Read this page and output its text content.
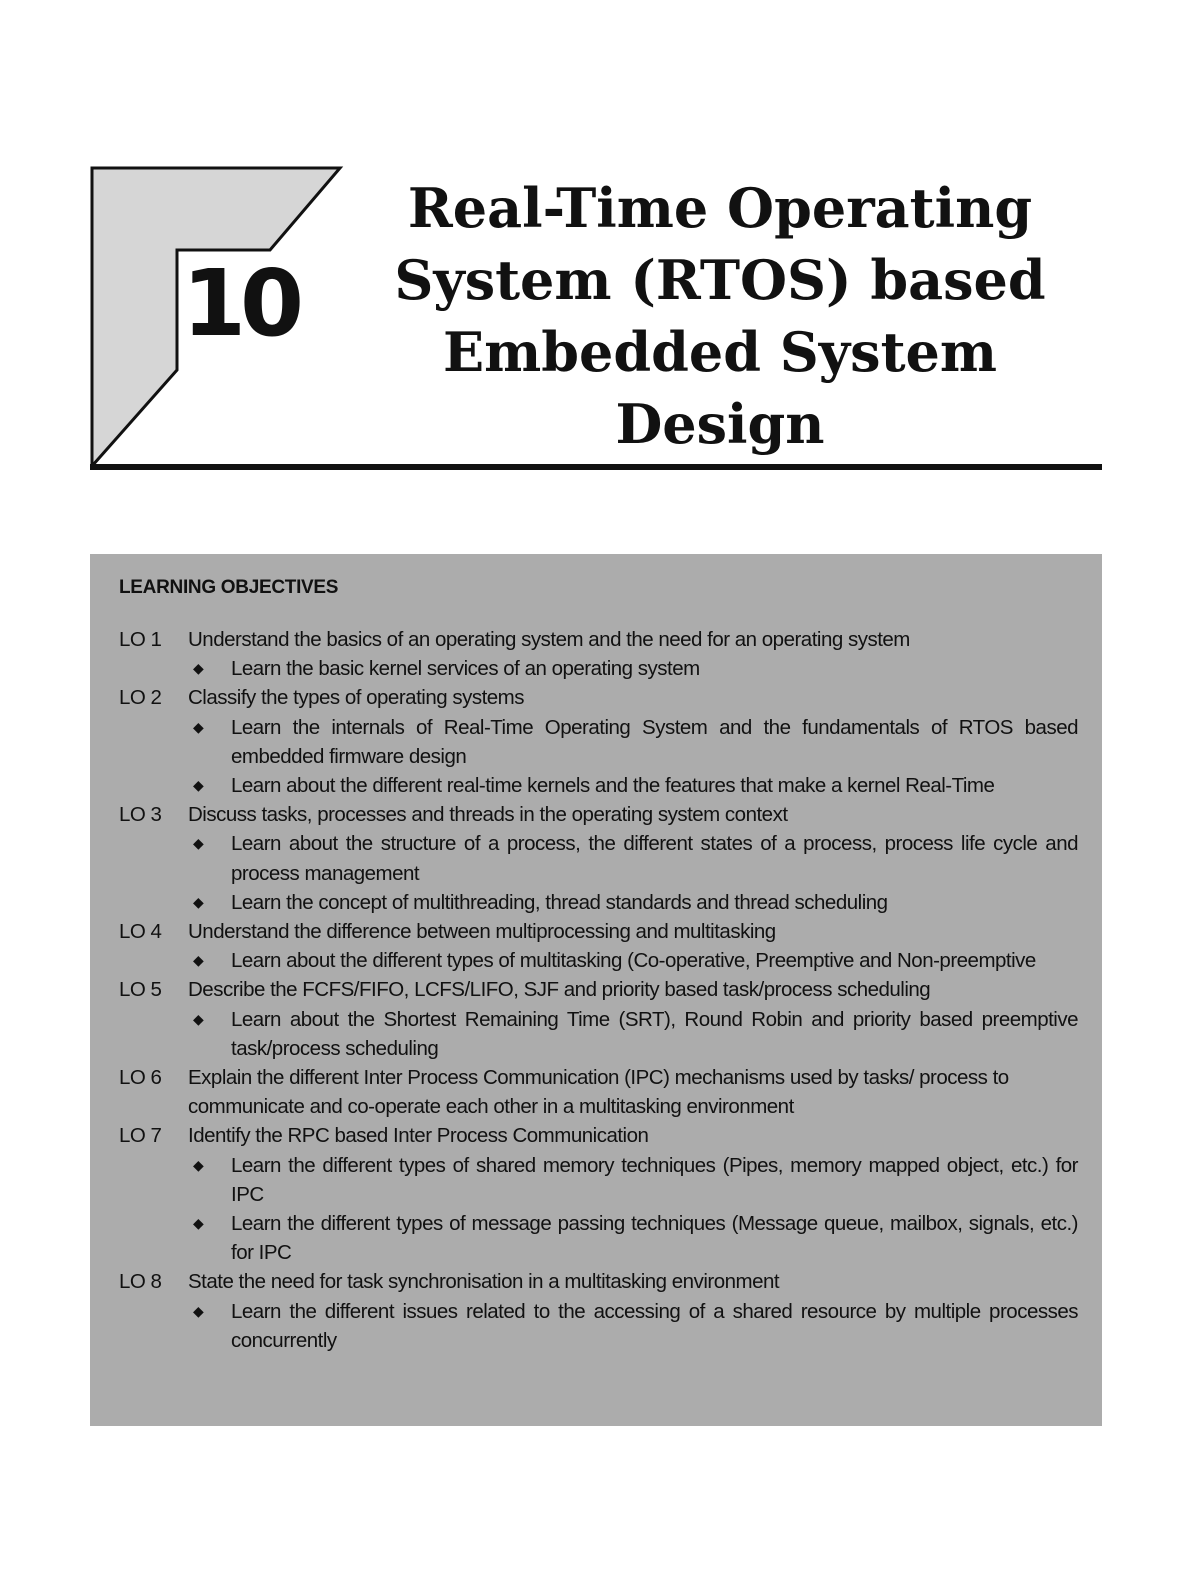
10
Real-Time Operating
System (RTOS) based
Embedded System
Design
LEARNING OBJECTIVES
LO 1	Understand the basics of an operating system and the need for an operating system
◆	Learn the basic kernel services of an operating system
LO 2	Classify the types of operating systems
◆	Learn the internals of Real-Time Operating System and the fundamentals of RTOS based embedded firmware design
◆	Learn about the different real-time kernels and the features that make a kernel Real-Time
LO 3	Discuss tasks, processes and threads in the operating system context
◆	Learn about the structure of a process, the different states of a process, process life cycle and process management
◆	Learn the concept of multithreading, thread standards and thread scheduling
LO 4	Understand the difference between multiprocessing and multitasking
◆	Learn about the different types of multitasking (Co-operative, Preemptive and Non-preemptive
LO 5	Describe the FCFS/FIFO, LCFS/LIFO, SJF and priority based task/process scheduling
◆	Learn about the Shortest Remaining Time (SRT), Round Robin and priority based preemptive task/process scheduling
LO 6	Explain the different Inter Process Communication (IPC) mechanisms used by tasks/ process to communicate and co-operate each other in a multitasking environment
LO 7	Identify the RPC based Inter Process Communication
◆	Learn the different types of shared memory techniques (Pipes, memory mapped object, etc.) for IPC
◆	Learn the different types of message passing techniques (Message queue, mailbox, signals, etc.) for IPC
LO 8	State the need for task synchronisation in a multitasking environment
◆	Learn the different issues related to the accessing of a shared resource by multiple processes concurrently
